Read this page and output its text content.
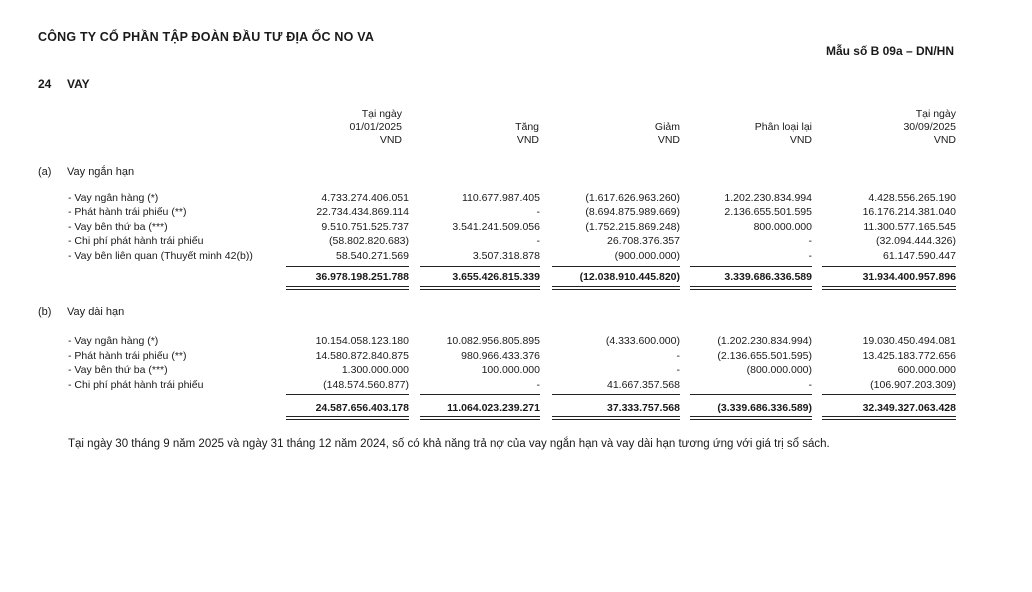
CÔNG TY CỔ PHẦN TẬP ĐOÀN ĐẦU TƯ ĐỊA ỐC NO VA
Mẫu số B 09a – DN/HN
24 VAY
Tại ngày
01/01/2025
VND
Tăng
VND
Giảm
VND
Phân loại lại
VND
Tại ngày
30/09/2025
VND
(a) Vay ngắn hạn
- Vay ngân hàng (*)	4.733.274.406.051	110.677.987.405	(1.617.626.963.260)	1.202.230.834.994	4.428.556.265.190
- Phát hành trái phiếu (**)	22.734.434.869.114	-	(8.694.875.989.669)	2.136.655.501.595	16.176.214.381.040
- Vay bên thứ ba (***)	9.510.751.525.737	3.541.241.509.056	(1.752.215.869.248)	800.000.000	11.300.577.165.545
- Chi phí phát hành trái phiếu	(58.802.820.683)	-	26.708.376.357	-	(32.094.444.326)
- Vay bên liên quan (Thuyết minh 42(b))	58.540.271.569	3.507.318.878	(900.000.000)	-	61.147.590.447
36.978.198.251.788	3.655.426.815.339	(12.038.910.445.820)	3.339.686.336.589	31.934.400.957.896
(b) Vay dài hạn
- Vay ngân hàng (*)	10.154.058.123.180	10.082.956.805.895	(4.333.600.000)	(1.202.230.834.994)	19.030.450.494.081
- Phát hành trái phiếu (**)	14.580.872.840.875	980.966.433.376	-	(2.136.655.501.595)	13.425.183.772.656
- Vay bên thứ ba (***)	1.300.000.000	100.000.000	-	(800.000.000)	600.000.000
- Chi phí phát hành trái phiếu	(148.574.560.877)	-	41.667.357.568	-	(106.907.203.309)
24.587.656.403.178	11.064.023.239.271	37.333.757.568	(3.339.686.336.589)	32.349.327.063.428
Tại ngày 30 tháng 9 năm 2025 và ngày 31 tháng 12 năm 2024, số có khả năng trả nợ của vay ngắn hạn và vay dài hạn tương ứng với giá trị sổ sách.
